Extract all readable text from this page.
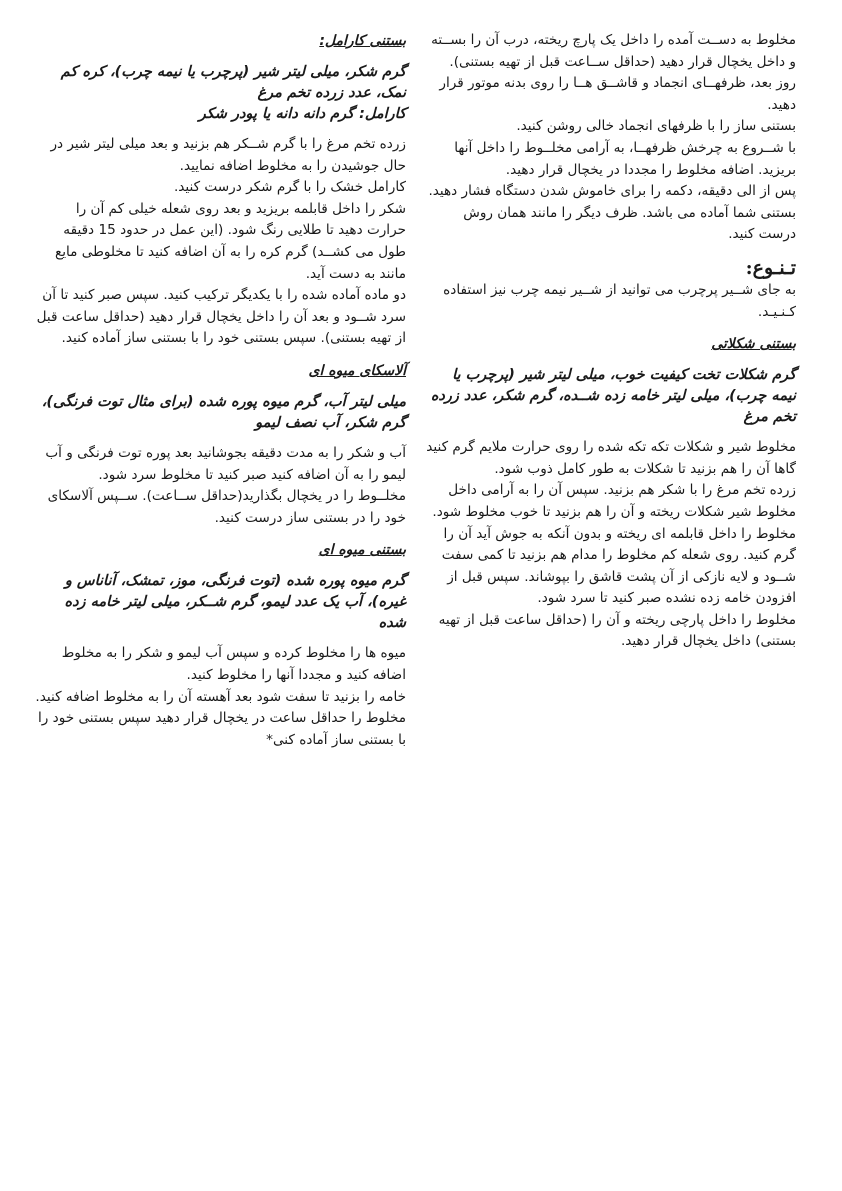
مخلوط به دســت آمده را داخل یک پارچ ریخته، درب آن را بســته و داخل یخچال قرار دهید (حداقل ســاعت قبل از تهیه بستنی).

روز بعد، ظرفهــای انجماد و قاشــق هــا را روی بدنه موتور قرار دهید.

بستنی ساز را با ظرفهای انجماد خالی روشن کنید.

با شــروع به چرخش ظرفهــا، به آرامی مخلــوط را داخل آنها بریزید. اضافه مخلوط را مجددا در یخچال قرار دهید.

پس از الی دقیقه، دکمه را برای خاموش شدن دستگاه فشار دهید. بستنی شما آماده می باشد. ظرف دیگر را مانند همان روش درست کنید.

تـنـوع:

به جای شــیر پرچرب می توانید از شــیر نیمه چرب نیز استفاده کـنـیـد.

بستنی شکلاتی
گرم شکلات تخت کیفیت خوب، میلی لیتر شیر (پرچرب یا نیمه چرب)، میلی لیتر خامه زده شــده، گرم شکر، عدد زرده تخم مرغ

مخلوط شیر و شکلات تکه تکه شده را روی حرارت ملایم گرم کنید گاها آن را هم بزنید تا شکلات به طور کامل ذوب شود.

زرده تخم مرغ را با شکر هم بزنید. سپس آن را به آرامی داخل مخلوط شیر شکلات ریخته و آن را هم بزنید تا خوب مخلوط شود.

مخلوط را داخل قابلمه ای ریخته و بدون آنکه به جوش آید آن را گرم کنید. روی شعله کم مخلوط را مدام هم بزنید تا کمی سفت شــود و لایه نازکی از آن پشت قاشق را بپوشاند. سپس قبل از افزودن خامه زده نشده صبر کنید تا سرد شود.

مخلوط را داخل پارچی ریخته و آن را (حداقل ساعت قبل از تهیه بستنی) داخل یخچال قرار دهید.

بستنی کارامل:
گرم شکر، میلی لیتر شیر (پرچرب یا نیمه چرب)، کره کم نمک، عدد زرده تخم مرغ
کارامل: گرم دانه دانه یا پودر شکر

زرده تخم مرغ را با گرم شــکر هم بزنید و بعد میلی لیتر شیر در حال جوشیدن را به مخلوط اضافه نمایید.

کارامل خشک را با گرم شکر درست کنید.

شکر را داخل قابلمه بریزید و بعد روی شعله خیلی کم آن را حرارت دهید تا طلایی رنگ شود. (این عمل در حدود 15 دقیقه طول می کشــد) گرم کره را به آن اضافه کنید تا مخلوطی مایع مانند به دست آید.

دو ماده آماده شده را با یکدیگر ترکیب کنید. سپس صبر کنید تا آن سرد شــود و بعد آن را داخل یخچال قرار دهید (حداقل ساعت قبل از تهیه بستنی). سپس بستنی خود را با بستنی ساز آماده کنید.

آلاسکای میوه ای
میلی لیتر آب، گرم میوه پوره شده (برای مثال توت فرنگی)، گرم شکر، آب نصف لیمو

آب و شکر را به مدت دقیقه بجوشانید بعد پوره توت فرنگی و آب لیمو را به آن اضافه کنید صبر کنید تا مخلوط سرد شود.

مخلــوط را در یخچال بگذارید(حداقل ســاعت). ســپس آلاسکای خود را در بستنی ساز درست کنید.

بستنی میوه ای
گرم میوه پوره شده (توت فرنگی، موز، تمشک، آناناس و غیره)، آب یک عدد لیمو، گرم شــکر، میلی لیتر خامه زده شده

میوه ها را مخلوط کرده و سپس آب لیمو و شکر را به مخلوط اضافه کنید و مجددا آنها را مخلوط کنید.

خامه را بزنید تا سفت شود بعد آهسته آن را به مخلوط اضافه کنید.

مخلوط را حداقل ساعت در یخچال قرار دهید سپس بستنی خود را با بستنی ساز آماده کنی*
